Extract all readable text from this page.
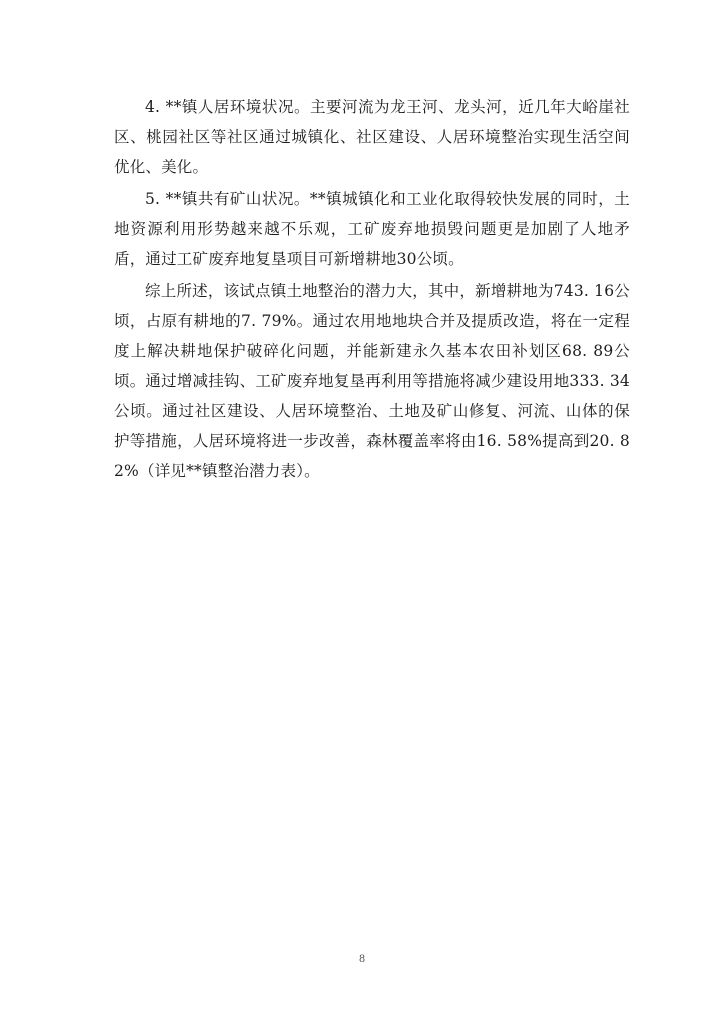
4. **镇人居环境状况。主要河流为龙王河、龙头河，近几年大峪崖社区、桃园社区等社区通过城镇化、社区建设、人居环境整治实现生活空间优化、美化。

5. **镇共有矿山状况。**镇城镇化和工业化取得较快发展的同时，土地资源利用形势越来越不乐观，工矿废弃地损毁问题更是加剧了人地矛盾，通过工矿废弃地复垦项目可新增耕地30公顷。

综上所述，该试点镇土地整治的潜力大，其中，新增耕地为743. 16公顷，占原有耕地的7. 79%。通过农用地地块合并及提质改造，将在一定程度上解决耕地保护破碎化问题，并能新建永久基本农田补划区68. 89公顷。通过增减挂钩、工矿废弃地复垦再利用等措施将减少建设用地333. 34公顷。通过社区建设、人居环境整治、土地及矿山修复、河流、山体的保护等措施，人居环境将进一步改善，森林覆盖率将由16. 58%提高到20. 82%（详见**镇整治潜力表）。

8
